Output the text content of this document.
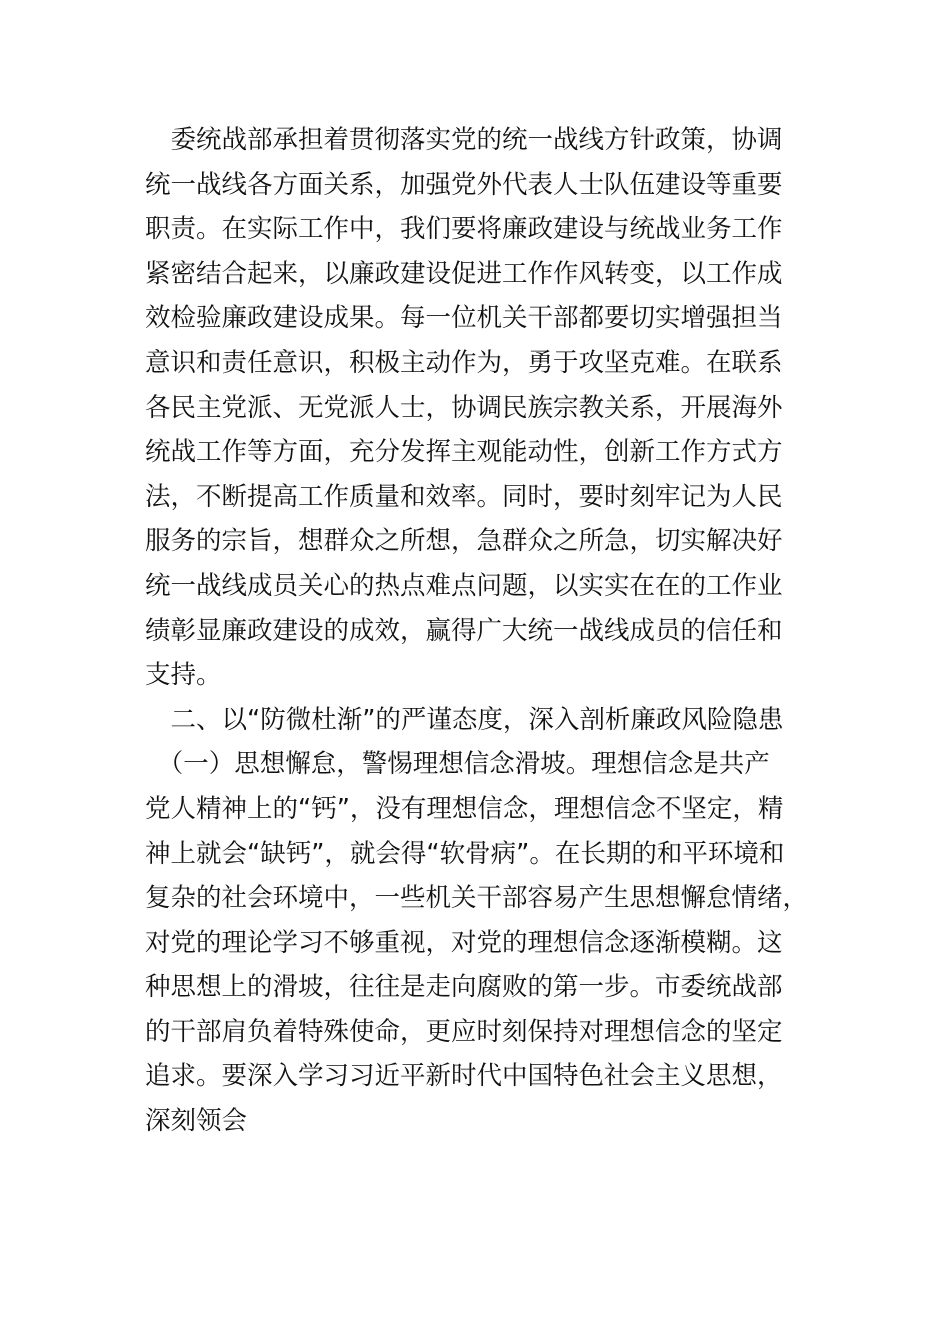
　委统战部承担着贯彻落实党的统一战线方针政策，协调
统一战线各方面关系，加强党外代表人士队伍建设等重要
职责。在实际工作中，我们要将廉政建设与统战业务工作
紧密结合起来，以廉政建设促进工作作风转变，以工作成
效检验廉政建设成果。每一位机关干部都要切实增强担当
意识和责任意识，积极主动作为，勇于攻坚克难。在联系
各民主党派、无党派人士，协调民族宗教关系，开展海外
统战工作等方面，充分发挥主观能动性，创新工作方式方
法，不断提高工作质量和效率。同时，要时刻牢记为人民
服务的宗旨，想群众之所想，急群众之所急，切实解决好
统一战线成员关心的热点难点问题，以实实在在的工作业
绩彰显廉政建设的成效，赢得广大统一战线成员的信任和
支持。
　二、以“防微杜渐”的严谨态度，深入剖析廉政风险隐患
　（一）思想懈怠，警惕理想信念滑坡。理想信念是共产
党人精神上的“钙”，没有理想信念，理想信念不坚定，精
神上就会“缺钙”，就会得“软骨病”。在长期的和平环境和
复杂的社会环境中，一些机关干部容易产生思想懈怠情绪，
对党的理论学习不够重视，对党的理想信念逐渐模糊。这
种思想上的滑坡，往往是走向腐败的第一步。市委统战部
的干部肩负着特殊使命，更应时刻保持对理想信念的坚定
追求。要深入学习习近平新时代中国特色社会主义思想，
深刻领会
